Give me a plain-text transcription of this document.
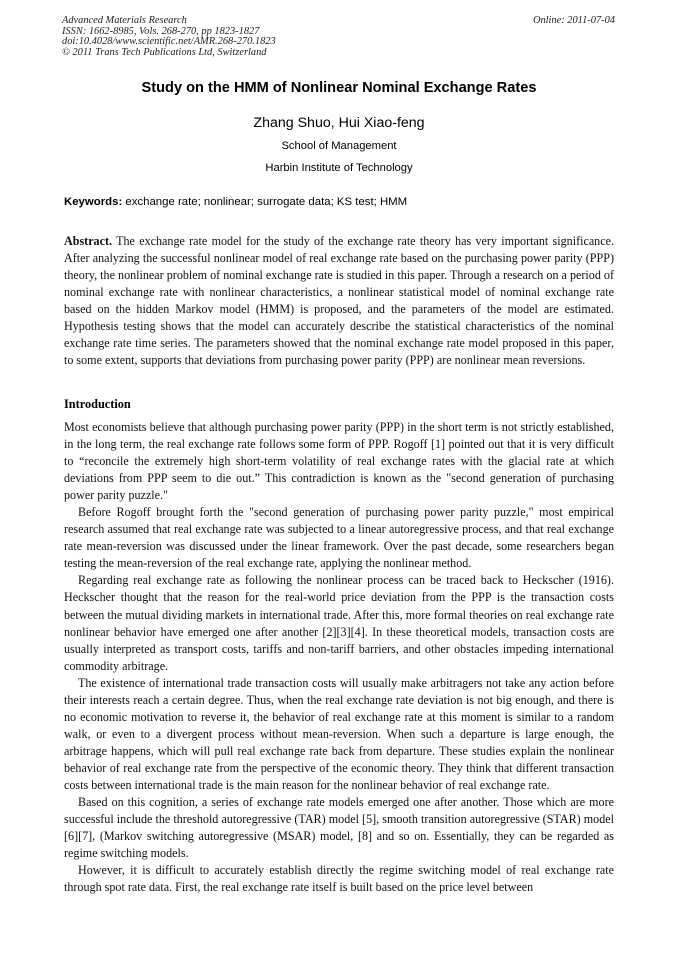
Advanced Materials Research
ISSN: 1662-8985, Vols. 268-270, pp 1823-1827
doi:10.4028/www.scientific.net/AMR.268-270.1823
© 2011 Trans Tech Publications Ltd, Switzerland
Online: 2011-07-04
Study on the HMM of Nonlinear Nominal Exchange Rates
Zhang Shuo, Hui Xiao-feng
School of Management
Harbin Institute of Technology
Keywords: exchange rate; nonlinear; surrogate data; KS test; HMM
Abstract. The exchange rate model for the study of the exchange rate theory has very important significance. After analyzing the successful nonlinear model of real exchange rate based on the purchasing power parity (PPP) theory, the nonlinear problem of nominal exchange rate is studied in this paper. Through a research on a period of nominal exchange rate with nonlinear characteristics, a nonlinear statistical model of nominal exchange rate based on the hidden Markov model (HMM) is proposed, and the parameters of the model are estimated. Hypothesis testing shows that the model can accurately describe the statistical characteristics of the nominal exchange rate time series. The parameters showed that the nominal exchange rate model proposed in this paper, to some extent, supports that deviations from purchasing power parity (PPP) are nonlinear mean reversions.
Introduction

Most economists believe that although purchasing power parity (PPP) in the short term is not strictly established, in the long term, the real exchange rate follows some form of PPP. Rogoff [1] pointed out that it is very difficult to “reconcile the extremely high short-term volatility of real exchange rates with the glacial rate at which deviations from PPP seem to die out.” This contradiction is known as the "second generation of purchasing power parity puzzle."

Before Rogoff brought forth the "second generation of purchasing power parity puzzle," most empirical research assumed that real exchange rate was subjected to a linear autoregressive process, and that real exchange rate mean-reversion was discussed under the linear framework. Over the past decade, some researchers began testing the mean-reversion of the real exchange rate, applying the nonlinear method.

Regarding real exchange rate as following the nonlinear process can be traced back to Heckscher (1916). Heckscher thought that the reason for the real-world price deviation from the PPP is the transaction costs between the mutual dividing markets in international trade. After this, more formal theories on real exchange rate nonlinear behavior have emerged one after another [2][3][4]. In these theoretical models, transaction costs are usually interpreted as transport costs, tariffs and non-tariff barriers, and other obstacles impeding international commodity arbitrage.

The existence of international trade transaction costs will usually make arbitragers not take any action before their interests reach a certain degree. Thus, when the real exchange rate deviation is not big enough, and there is no economic motivation to reverse it, the behavior of real exchange rate at this moment is similar to a random walk, or even to a divergent process without mean-reversion. When such a departure is large enough, the arbitrage happens, which will pull real exchange rate back from departure. These studies explain the nonlinear behavior of real exchange rate from the perspective of the economic theory. They think that different transaction costs between international trade is the main reason for the nonlinear behavior of real exchange rate.

Based on this cognition, a series of exchange rate models emerged one after another. Those which are more successful include the threshold autoregressive (TAR) model [5], smooth transition autoregressive (STAR) model [6][7], (Markov switching autoregressive (MSAR) model, [8] and so on. Essentially, they can be regarded as regime switching models.

However, it is difficult to accurately establish directly the regime switching model of real exchange rate through spot rate data. First, the real exchange rate itself is built based on the price level between
